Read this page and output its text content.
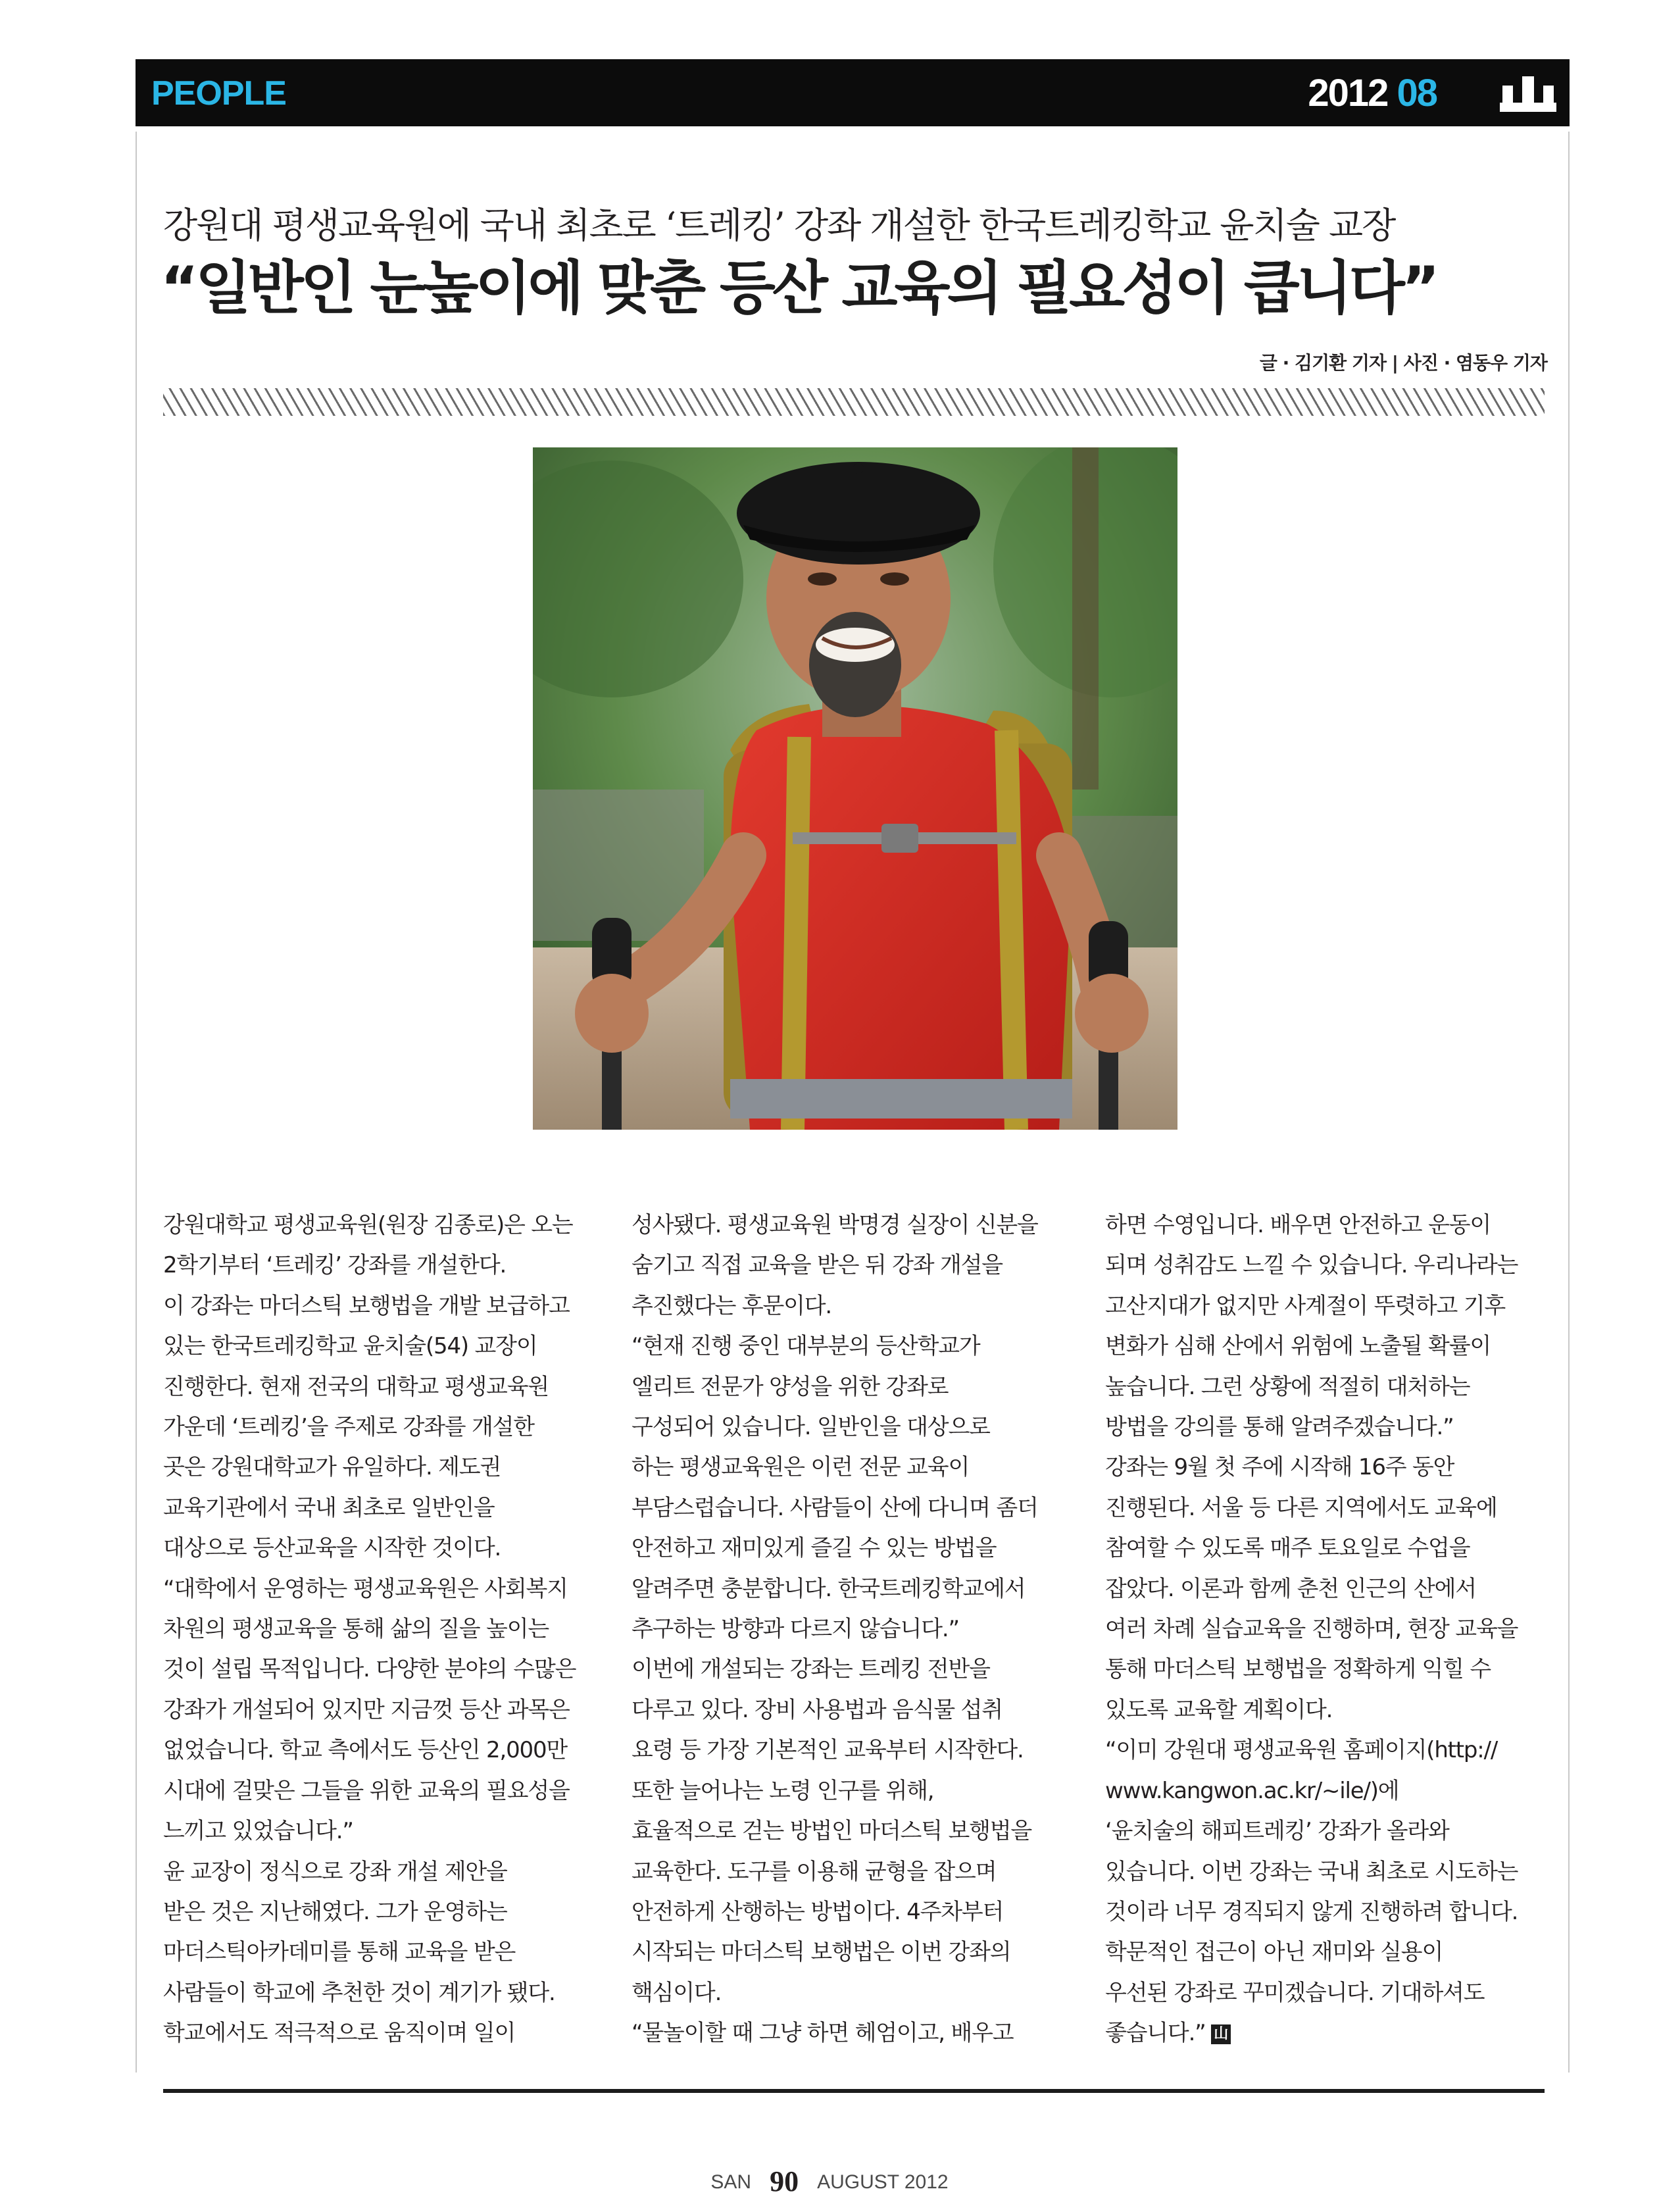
PEOPLE	2012 08
강원대 평생교육원에 국내 최초로 ‘트레킹’ 강좌 개설한 한국트레킹학교 윤치술 교장
“일반인 눈높이에 맞춘 등산 교육의 필요성이 큽니다”
글 · 김기환 기자 | 사진 · 염동우 기자

강원대학교 평생교육원(원장 김종로)은 오는
2학기부터 ‘트레킹’ 강좌를 개설한다.
이 강좌는 마더스틱 보행법을 개발 보급하고
있는 한국트레킹학교 윤치술(54) 교장이
진행한다. 현재 전국의 대학교 평생교육원
가운데 ‘트레킹’을 주제로 강좌를 개설한
곳은 강원대학교가 유일하다. 제도권
교육기관에서 국내 최초로 일반인을
대상으로 등산교육을 시작한 것이다.
“대학에서 운영하는 평생교육원은 사회복지
차원의 평생교육을 통해 삶의 질을 높이는
것이 설립 목적입니다. 다양한 분야의 수많은
강좌가 개설되어 있지만 지금껏 등산 과목은
없었습니다. 학교 측에서도 등산인 2,000만
시대에 걸맞은 그들을 위한 교육의 필요성을
느끼고 있었습니다.”
윤 교장이 정식으로 강좌 개설 제안을
받은 것은 지난해였다. 그가 운영하는
마더스틱아카데미를 통해 교육을 받은
사람들이 학교에 추천한 것이 계기가 됐다.
학교에서도 적극적으로 움직이며 일이

성사됐다. 평생교육원 박명경 실장이 신분을
숨기고 직접 교육을 받은 뒤 강좌 개설을
추진했다는 후문이다.
“현재 진행 중인 대부분의 등산학교가
엘리트 전문가 양성을 위한 강좌로
구성되어 있습니다. 일반인을 대상으로
하는 평생교육원은 이런 전문 교육이
부담스럽습니다. 사람들이 산에 다니며 좀더
안전하고 재미있게 즐길 수 있는 방법을
알려주면 충분합니다. 한국트레킹학교에서
추구하는 방향과 다르지 않습니다.”
이번에 개설되는 강좌는 트레킹 전반을
다루고 있다. 장비 사용법과 음식물 섭취
요령 등 가장 기본적인 교육부터 시작한다.
또한 늘어나는 노령 인구를 위해,
효율적으로 걷는 방법인 마더스틱 보행법을
교육한다. 도구를 이용해 균형을 잡으며
안전하게 산행하는 방법이다. 4주차부터
시작되는 마더스틱 보행법은 이번 강좌의
핵심이다.
“물놀이할 때 그냥 하면 헤엄이고, 배우고

하면 수영입니다. 배우면 안전하고 운동이
되며 성취감도 느낄 수 있습니다. 우리나라는
고산지대가 없지만 사계절이 뚜렷하고 기후
변화가 심해 산에서 위험에 노출될 확률이
높습니다. 그런 상황에 적절히 대처하는
방법을 강의를 통해 알려주겠습니다.”
강좌는 9월 첫 주에 시작해 16주 동안
진행된다. 서울 등 다른 지역에서도 교육에
참여할 수 있도록 매주 토요일로 수업을
잡았다. 이론과 함께 춘천 인근의 산에서
여러 차례 실습교육을 진행하며, 현장 교육을
통해 마더스틱 보행법을 정확하게 익힐 수
있도록 교육할 계획이다.
“이미 강원대 평생교육원 홈페이지(http://
www.kangwon.ac.kr/~ile/)에
‘윤치술의 해피트레킹’ 강좌가 올라와
있습니다. 이번 강좌는 국내 최초로 시도하는
것이라 너무 경직되지 않게 진행하려 합니다.
학문적인 접근이 아닌 재미와 실용이
우선된 강좌로 꾸미겠습니다. 기대하셔도
좋습니다.” 山

SAN 90 AUGUST 2012
